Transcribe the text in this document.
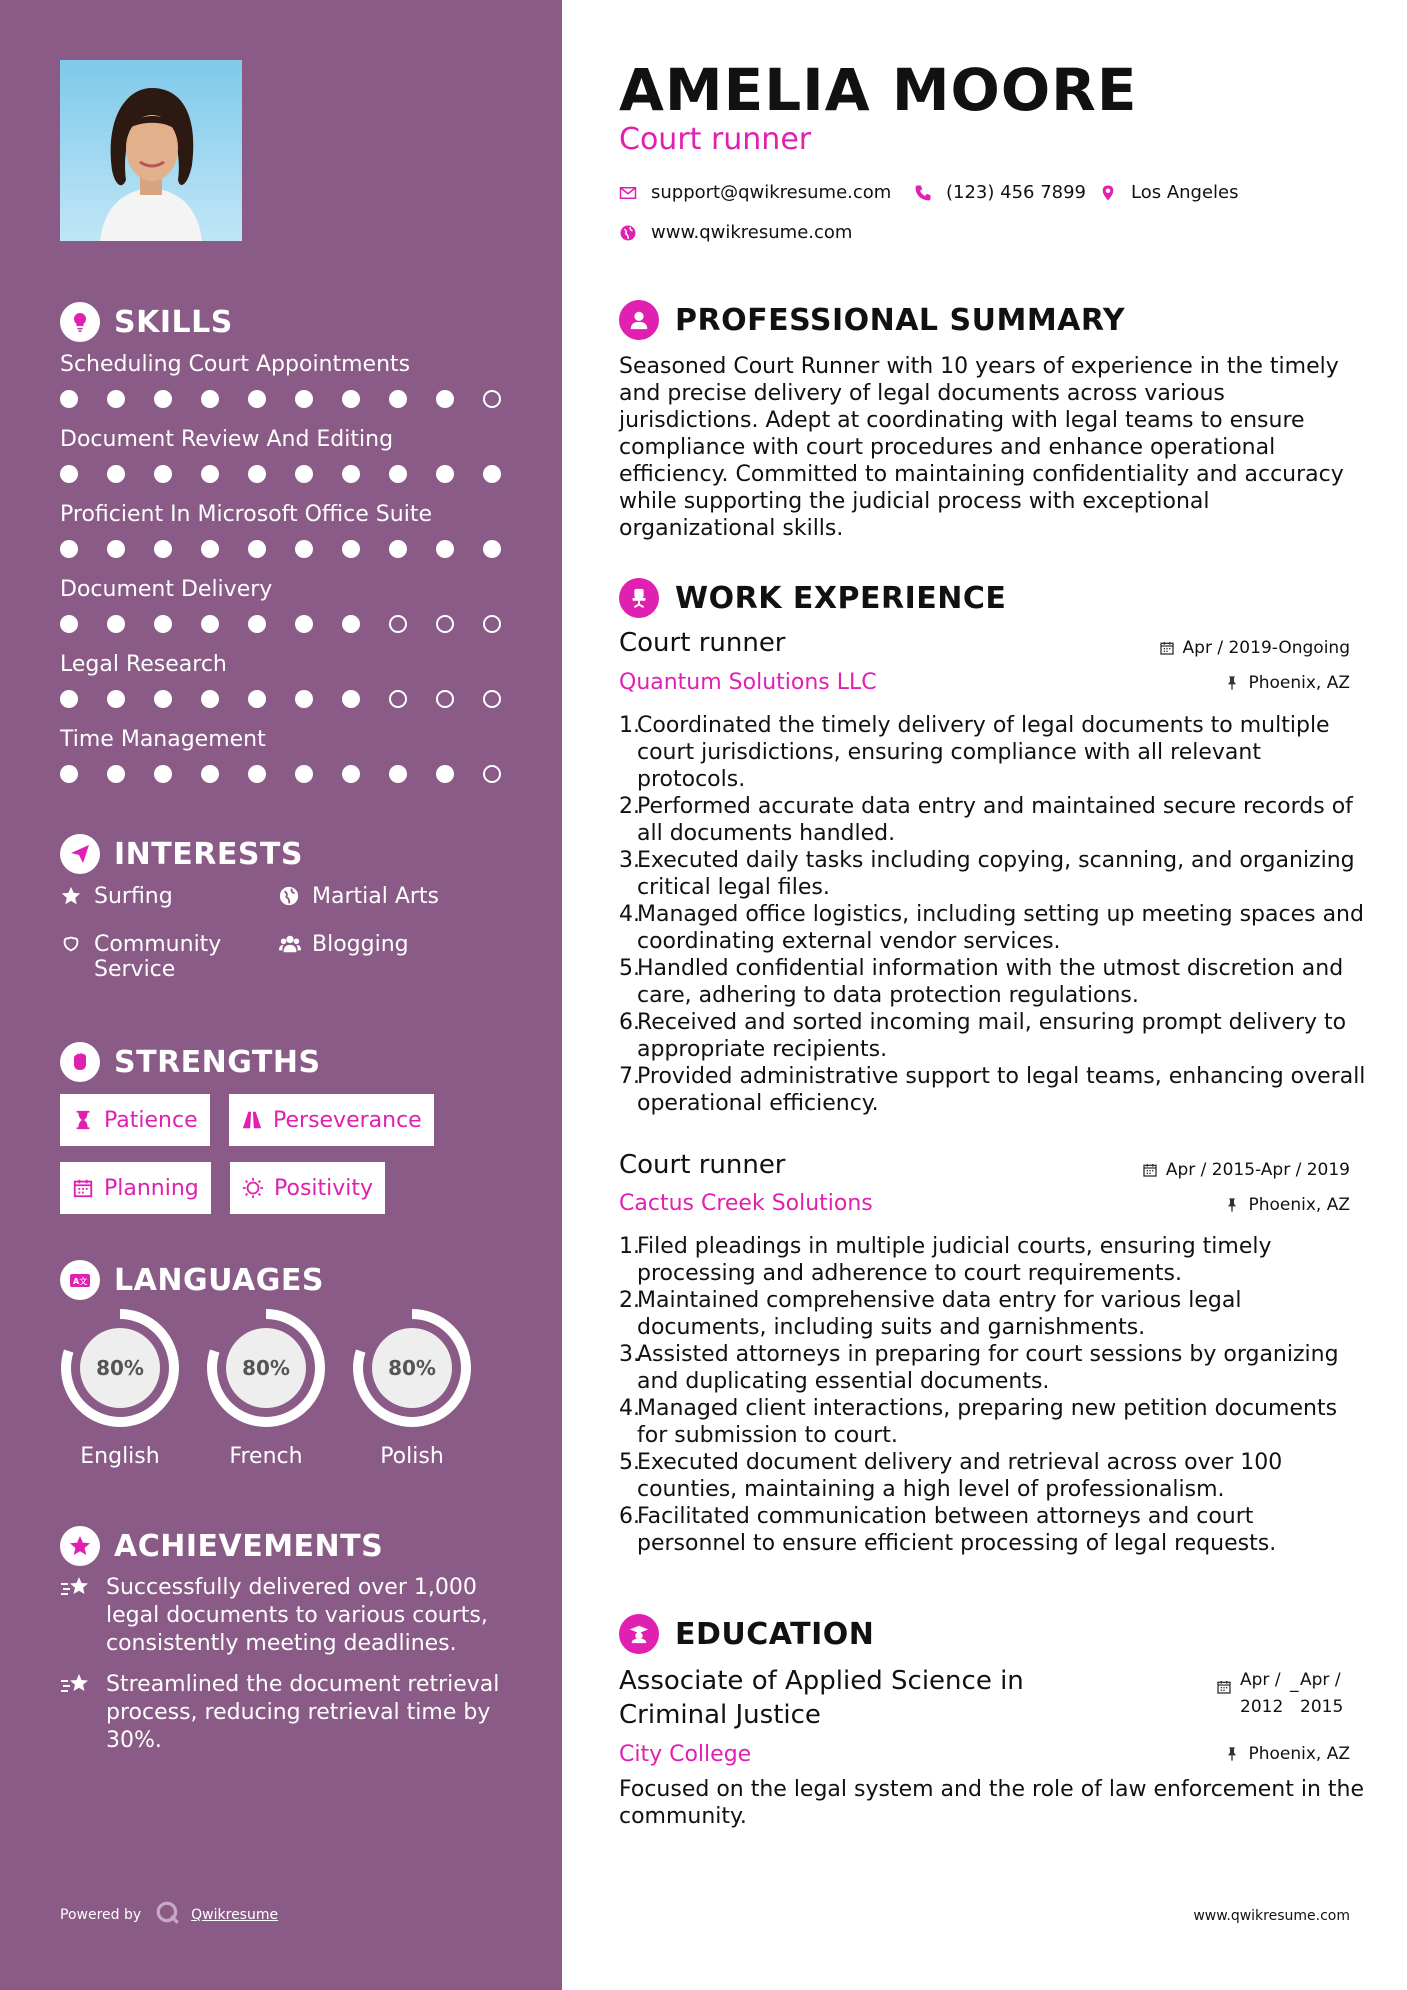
SKILLS
Scheduling Court Appointments
Document Review And Editing
Proficient In Microsoft Office Suite
Document Delivery
Legal Research
Time Management
INTERESTS
Surfing	Martial Arts
Community Service
Blogging
STRENGTHS
Patience	Perseverance
Planning	Positivity
A文 LANGUAGES
80%
English
80%
French
80%
Polish
ACHIEVEMENTS
Successfully delivered over 1,000 legal documents to various courts, consistently meeting deadlines.
Streamlined the document retrieval process, reducing retrieval time by 30%.
Powered by	Qwikresume
AMELIA MOORE
Court runner
support@qwikresume.com	(123) 456 7899 Los Angeles
www.qwikresume.com
PROFESSIONAL SUMMARY
Seasoned Court Runner with 10 years of experience in the timely and precise delivery of legal documents across various jurisdictions. Adept at coordinating with legal teams to ensure compliance with court procedures and enhance operational efficiency. Committed to maintaining confidentiality and accuracy while supporting the judicial process with exceptional organizational skills.
WORK EXPERIENCE
Court runner
Quantum Solutions LLC
Apr / 2019-Ongoing
Phoenix, AZ
1.
Coordinated the timely delivery of legal documents to multiple court jurisdictions, ensuring compliance with all relevant protocols.
2.
Performed accurate data entry and maintained secure records of all documents handled.
3.
Executed daily tasks including copying, scanning, and organizing critical legal files.
4.
Managed office logistics, including setting up meeting spaces and coordinating external vendor services.
5.
Handled confidential information with the utmost discretion and care, adhering to data protection regulations.
6.
Received and sorted incoming mail, ensuring prompt delivery to appropriate recipients.
7.
Provided administrative support to legal teams, enhancing overall operational efficiency.
Court runner
Cactus Creek Solutions
Apr / 2015-Apr / 2019
Phoenix, AZ
1.
Filed pleadings in multiple judicial courts, ensuring timely processing and adherence to court requirements.
2.
Maintained comprehensive data entry for various legal documents, including suits and garnishments.
3.
Assisted attorneys in preparing for court sessions by organizing and duplicating essential documents.
4.
Managed client interactions, preparing new petition documents for submission to court.
5.
Executed document delivery and retrieval across over 100 counties, maintaining a high level of professionalism.
6.
Facilitated communication between attorneys and court personnel to ensure efficient processing of legal requests.
EDUCATION
Associate of Applied Science in Criminal Justice
City College
Apr / 2012
_ Apr / 2015
Phoenix, AZ
Focused on the legal system and the role of law enforcement in the community.
www.qwikresume.com
